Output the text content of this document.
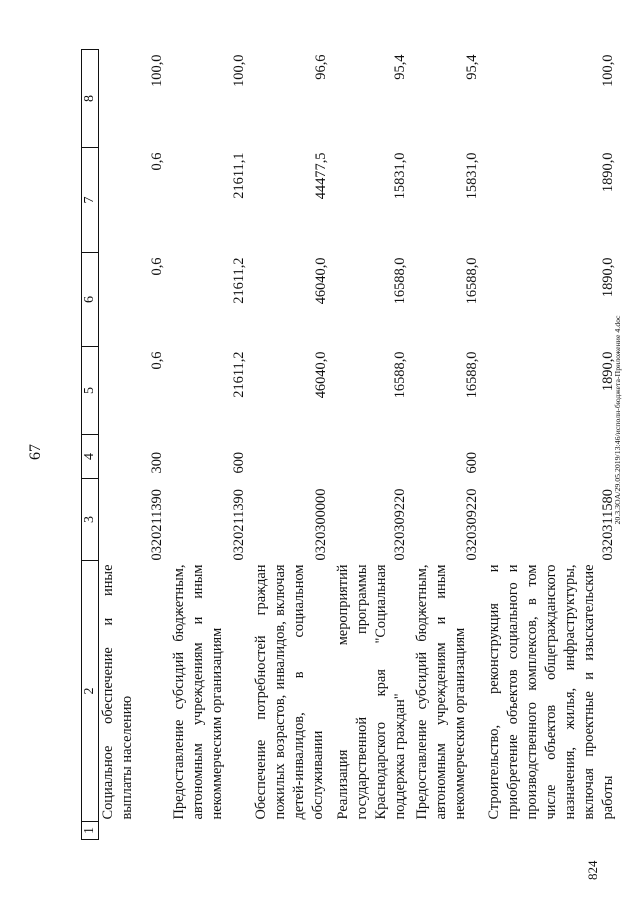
67
824
20.3.3OA/29.05.2019/13:46/исполн-бюджета-Приложение 4.doc
1	2	3	4	5	6	7	8
	Социальное обеспечение и иные выплаты населению	0320211390	300	0,6	0,6	0,6	100,0
	Предоставление субсидий бюджетным, автономным учреждениям и иным некоммерческим организациям	0320211390	600	21611,2	21611,2	21611,1	100,0
	Обеспечение потребностей граждан пожилых возрастов, инвалидов, включая детей-инвалидов, в социальном обслуживании	0320300000		46040,0	46040,0	44477,5	96,6
	Реализация мероприятий государственной программы Краснодарского края "Социальная поддержка граждан"	0320309220		16588,0	16588,0	15831,0	95,4
	Предоставление субсидий бюджетным, автономным учреждениям и иным некоммерческим организациям	0320309220	600	16588,0	16588,0	15831,0	95,4
	Строительство, реконструкция и приобретение объектов социального и производственного комплексов, в том числе объектов общегражданского назначения, жилья, инфраструктуры, включая проектные и изыскательские работы	0320311580		1890,0	1890,0	1890,0	100,0
